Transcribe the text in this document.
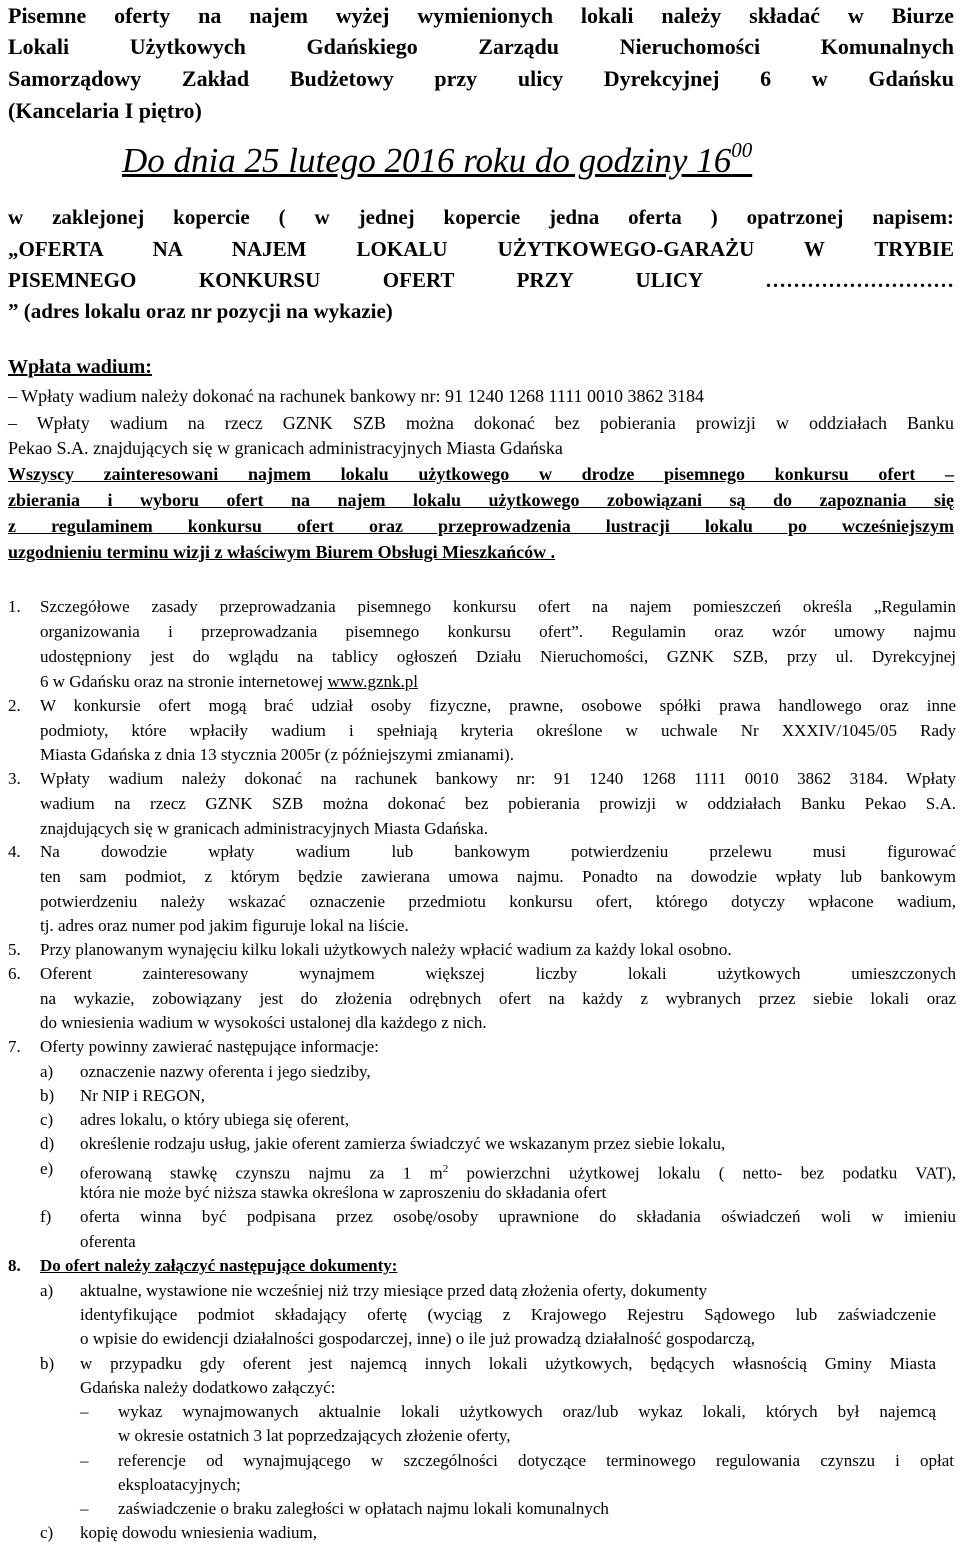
Pisemne oferty na najem wyżej wymienionych lokali należy składać w Biurze
Lokali Użytkowych Gdańskiego Zarządu Nieruchomości Komunalnych
Samorządowy Zakład Budżetowy przy ulicy Dyrekcyjnej 6 w Gdańsku
(Kancelaria I piętro)
Do dnia 25 lutego 2016 roku do godziny $16^{00}$
w zaklejonej kopercie ( w jednej kopercie jedna oferta ) opatrzonej napisem:
„OFERTA NA NAJEM LOKALU UŻYTKOWEGO-GARAŻU W TRYBIE
PISEMNEGO KONKURSU OFERT PRZY ULICY ………………………
” (adres lokalu oraz nr pozycji na wykazie)
Wpłata wadium:
– Wpłaty wadium należy dokonać na rachunek bankowy nr: 91 1240 1268 1111 0010 3862 3184
– Wpłaty wadium na rzecz GZNK SZB można dokonać bez pobierania prowizji w oddziałach Banku
Pekao S.A. znajdujących się w granicach administracyjnych Miasta Gdańska
Wszyscy zainteresowani najmem lokalu użytkowego w drodze pisemnego konkursu ofert –
zbierania i wyboru ofert na najem lokalu użytkowego zobowiązani są do zapoznania się
z regulaminem konkursu ofert oraz przeprowadzenia lustracji lokalu po wcześniejszym
uzgodnieniu terminu wizji z właściwym Biurem Obsługi Mieszkańców .
1. Szczegółowe zasady przeprowadzania pisemnego konkursu ofert na najem pomieszczeń określa „Regulamin
organizowania i przeprowadzania pisemnego konkursu ofert”. Regulamin oraz wzór umowy najmu
udostępniony jest do wglądu na tablicy ogłoszeń Działu Nieruchomości, GZNK SZB, przy ul. Dyrekcyjnej
6 w Gdańsku oraz na stronie internetowej www.gznk.pl
2. W konkursie ofert mogą brać udział osoby fizyczne, prawne, osobowe spółki prawa handlowego oraz inne
podmioty, które wpłaciły wadium i spełniają kryteria określone w uchwale Nr XXXIV/1045/05 Rady
Miasta Gdańska z dnia 13 stycznia 2005r (z późniejszymi zmianami).
3. Wpłaty wadium należy dokonać na rachunek bankowy nr: 91 1240 1268 1111 0010 3862 3184. Wpłaty
wadium na rzecz GZNK SZB można dokonać bez pobierania prowizji w oddziałach Banku Pekao S.A.
znajdujących się w granicach administracyjnych Miasta Gdańska.
4. Na dowodzie wpłaty wadium lub bankowym potwierdzeniu przelewu musi figurować
ten sam podmiot, z którym będzie zawierana umowa najmu. Ponadto na dowodzie wpłaty lub bankowym
potwierdzeniu należy wskazać oznaczenie przedmiotu konkursu ofert, którego dotyczy wpłacone wadium,
tj. adres oraz numer pod jakim figuruje lokal na liście.
5. Przy planowanym wynajęciu kilku lokali użytkowych należy wpłacić wadium za każdy lokal osobno.
6. Oferent zainteresowany wynajmem większej liczby lokali użytkowych umieszczonych
na wykazie, zobowiązany jest do złożenia odrębnych ofert na każdy z wybranych przez siebie lokali oraz
do wniesienia wadium w wysokości ustalonej dla każdego z nich.
7. Oferty powinny zawierać następujące informacje:
a) oznaczenie nazwy oferenta i jego siedziby,
b) Nr NIP i REGON,
c) adres lokalu, o który ubiega się oferent,
d) określenie rodzaju usług, jakie oferent zamierza świadczyć we wskazanym przez siebie lokalu,
e) oferowaną stawkę czynszu najmu za 1 $m^2$ powierzchni użytkowej lokalu ( netto- bez podatku VAT),
która nie może być niższa stawka określona w zaproszeniu do składania ofert
f) oferta winna być podpisana przez osobę/osoby uprawnione do składania oświadczeń woli w imieniu
oferenta
8. Do ofert należy załączyć następujące dokumenty:
a) aktualne, wystawione nie wcześniej niż trzy miesiące przed datą złożenia oferty, dokumenty
identyfikujące podmiot składający ofertę (wyciąg z Krajowego Rejestru Sądowego lub zaświadczenie
o wpisie do ewidencji działalności gospodarczej, inne) o ile już prowadzą działalność gospodarczą,
b) w przypadku gdy oferent jest najemcą innych lokali użytkowych, będących własnością Gminy Miasta
Gdańska należy dodatkowo załączyć:
– wykaz wynajmowanych aktualnie lokali użytkowych oraz/lub wykaz lokali, których był najemcą
w okresie ostatnich 3 lat poprzedzających złożenie oferty,
– referencje od wynajmującego w szczególności dotyczące terminowego regulowania czynszu i opłat
eksploatacyjnych;
– zaświadczenie o braku zaległości w opłatach najmu lokali komunalnych
c) kopię dowodu wniesienia wadium,
